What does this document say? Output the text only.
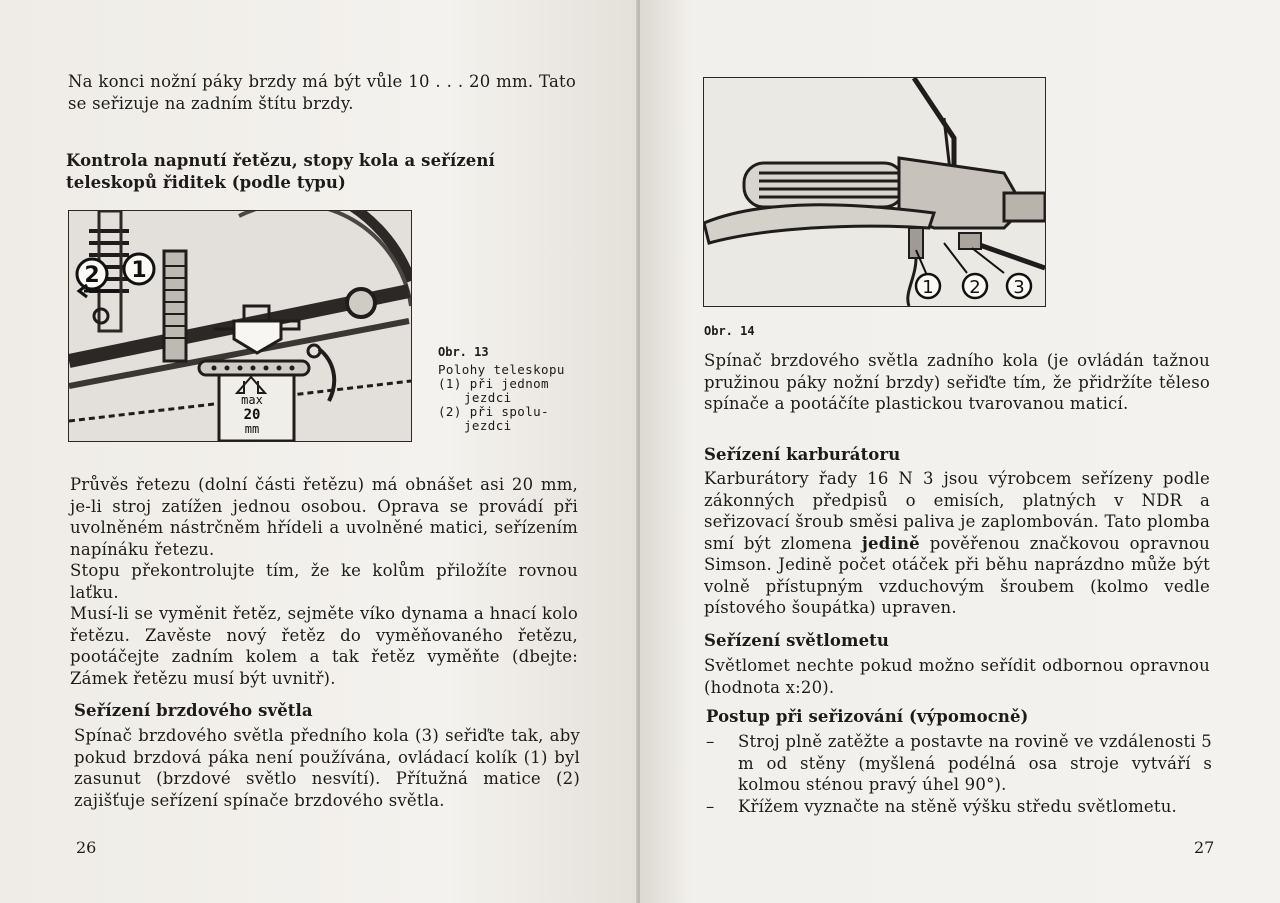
Na konci nožní páky brzdy má být vůle 10 . . . 20 mm. Tato se seřizuje na zadním štítu brzdy.

Kontrola napnutí řetězu, stopy kola a seřízení teleskopů řiditek (podle typu)
2 1
max
20
mm
Obr. 13
Polohy teleskopu
(1) při jednom
jezdci
(2) při spolu-
jezdci

Průvěs řetezu (dolní části řetězu) má obnášet asi 20 mm, je-li stroj zatížen jednou osobou. Oprava se provádí při uvolněném nástrčněm hřídeli a uvolněné matici, seřízením napínáku řetezu.

Stopu překontrolujte tím, že ke kolům přiložíte rovnou laťku.

Musí-li se vyměnit řetěz, sejměte víko dynama a hnací kolo řetězu. Zavěste nový řetěz do vyměňovaného řetězu, pootáčejte zadním kolem a tak řetěz vyměňte (dbejte: Zámek řetězu musí být uvnitř).

Seřízení brzdového světla

Spínač brzdového světla předního kola (3) seřiďte tak, aby pokud brzdová páka není používána, ovládací kolík (1) byl zasunut (brzdové světlo nesvítí). Přítužná matice (2) zajišťuje seřízení spínače brzdového světla.

26
1 2 3
Obr. 14

Spínač brzdového světla zadního kola (je ovládán tažnou pružinou páky nožní brzdy) seřiďte tím, že přidržíte těleso spínače a pootáčíte plastickou tvarovanou maticí.

Seřízení karburátoru

Karburátory řady 16 N 3 jsou výrobcem seřízeny podle zákonných předpisů o emisích, platných v NDR a seřizovací šroub směsi paliva je zaplombován. Tato plomba smí být zlomena jedině pověřenou značkovou opravnou Simson. Jedině počet otáček při běhu naprázdno může být volně přístupným vzduchovým šroubem (kolmo vedle pístového šoupátka) upraven.

Seřízení světlometu

Světlomet nechte pokud možno seřídit odbornou opravnou (hodnota x:20).

Postup při seřizování (výpomocně)
– Stroj plně zatěžte a postavte na rovině ve vzdálenosti 5 m od stěny (myšlená podélná osa stroje vytváří s kolmou sténou pravý úhel 90°).
– Křížem vyznačte na stěně výšku středu světlometu.
27
